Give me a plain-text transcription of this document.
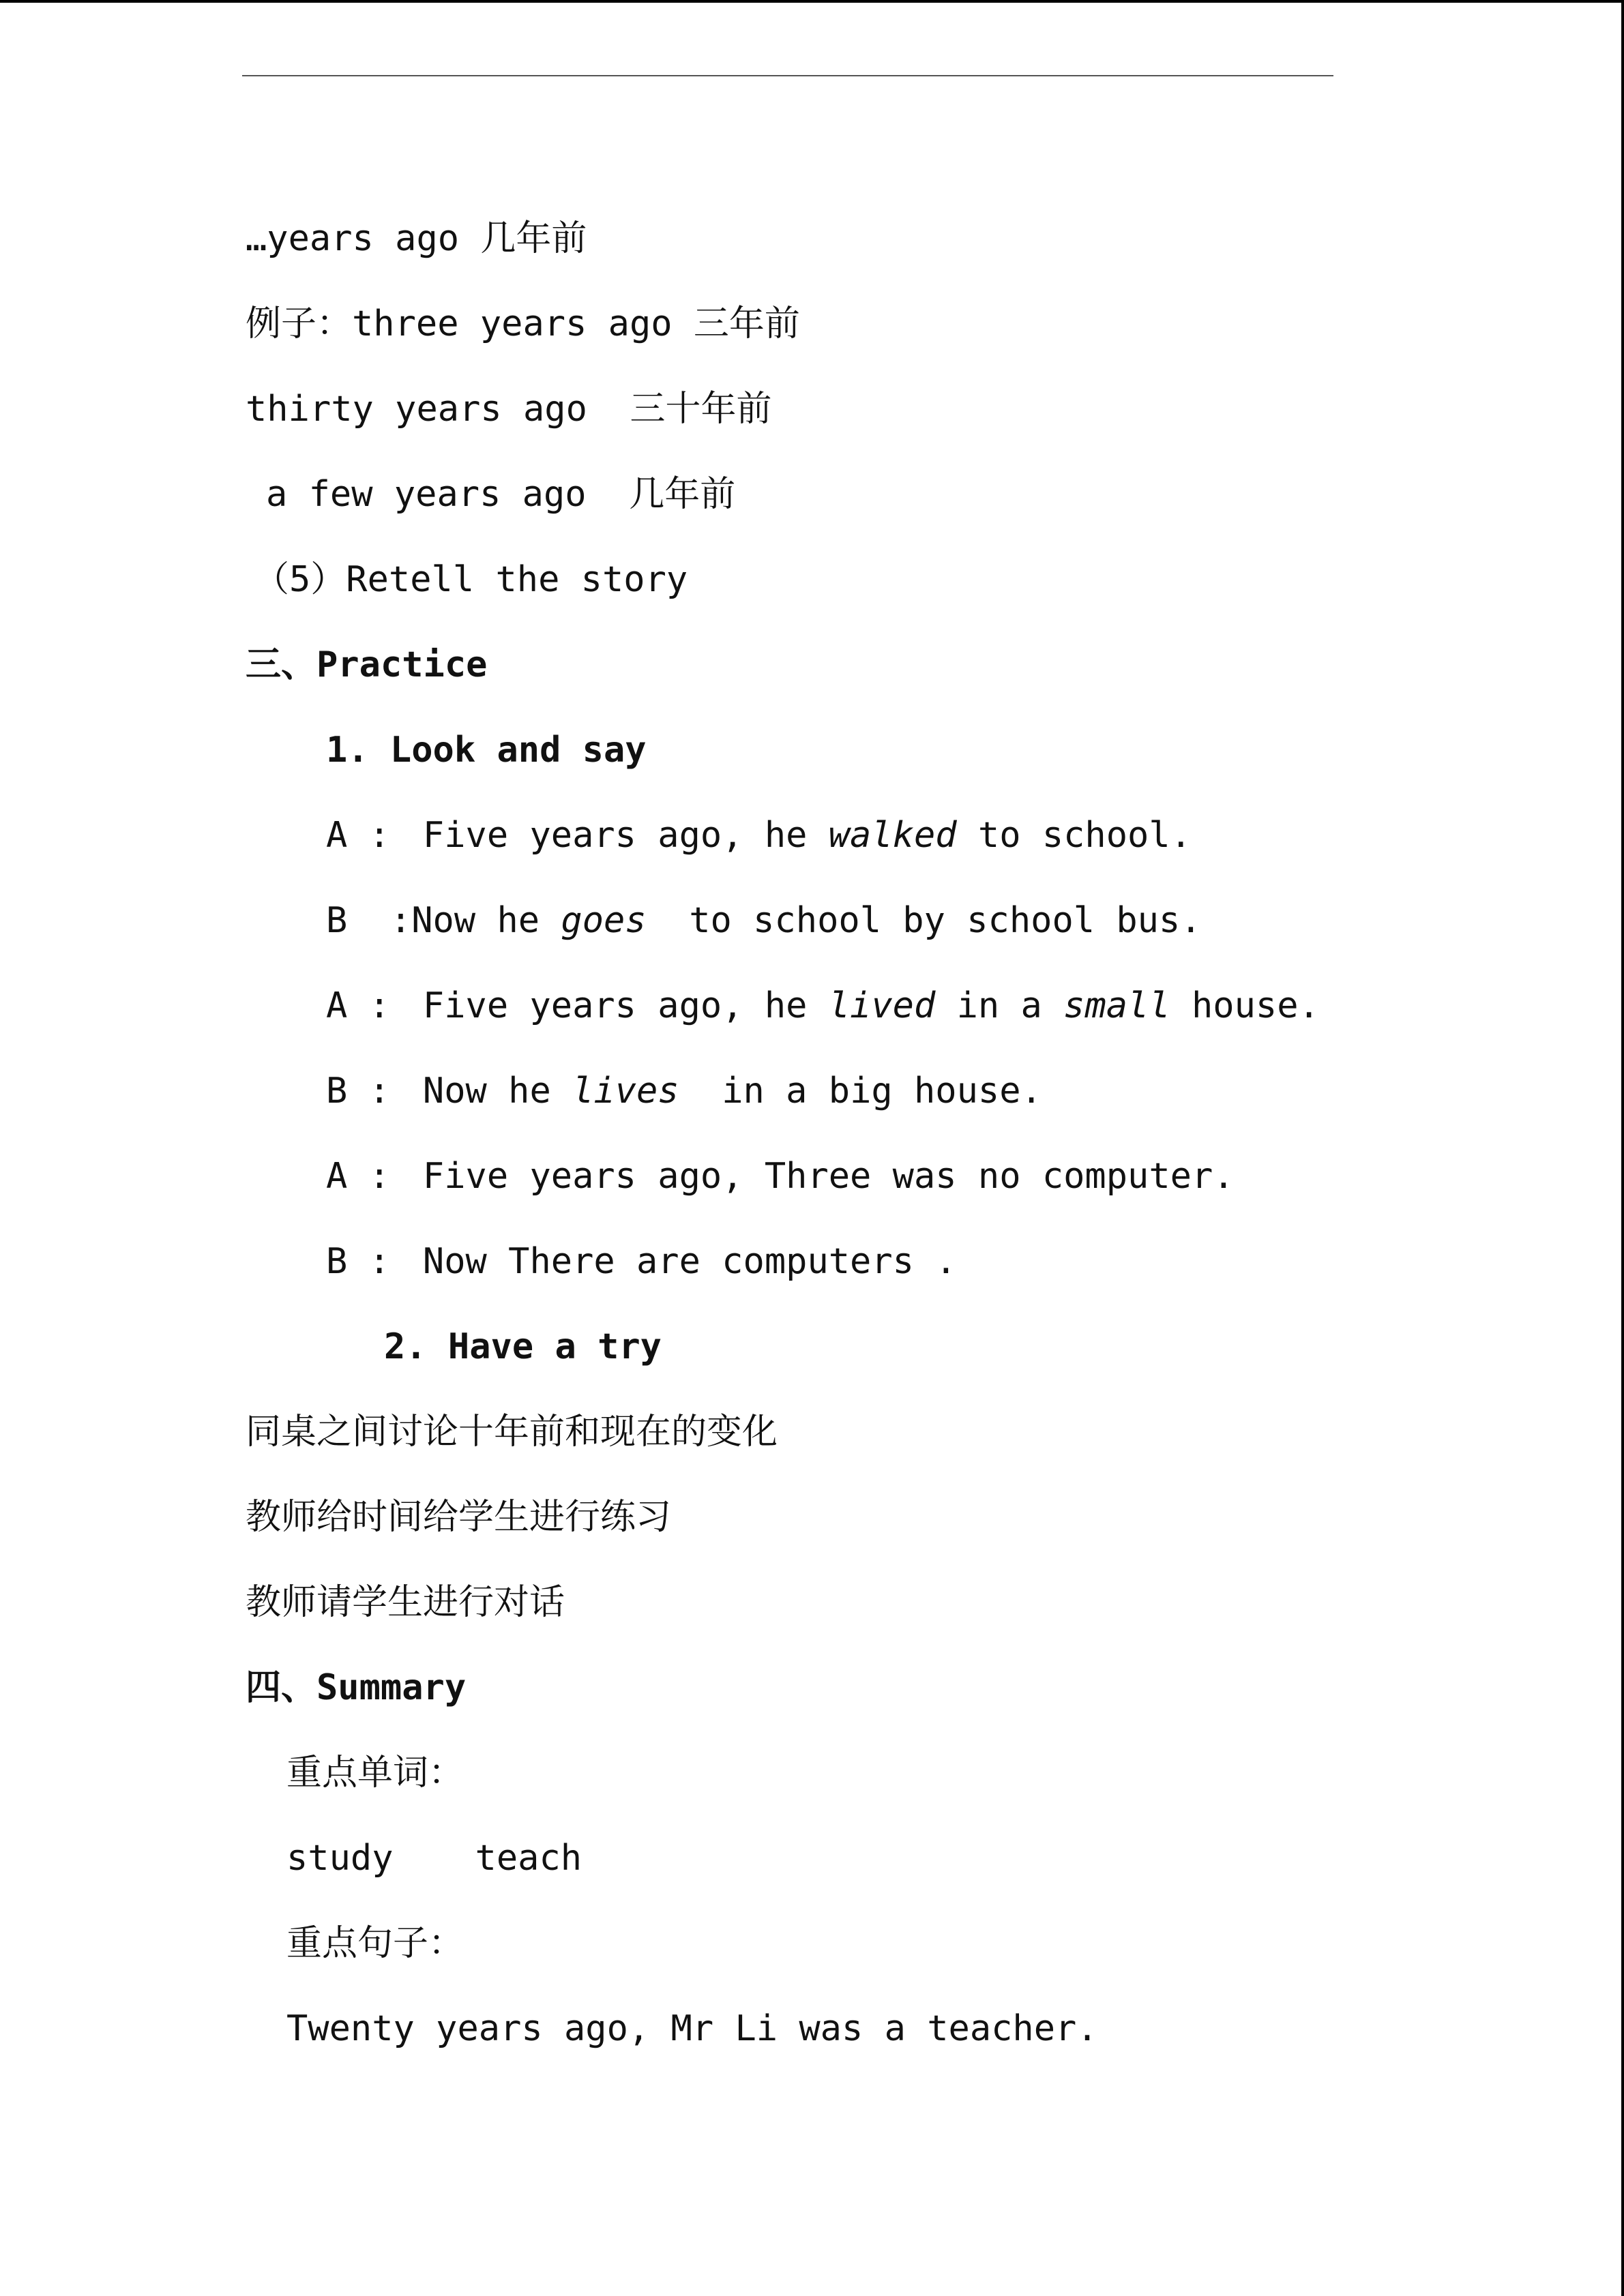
…years ago 几年前
例子：three years ago 三年前
thirty years ago  三十年前
a few years ago  几年前
（5）Retell the story
三、Practice
1. Look and say
A : Five years ago, he walked to school.
B  :Now he goes  to school by school bus.
A : Five years ago, he lived in a small house.
B : Now he lives  in a big house.
A : Five years ago, Three was no computer.
B : Now There are computers .
2. Have a try
同桌之间讨论十年前和现在的变化
教师给时间给学生进行练习
教师请学生进行对话
四、Summary
重点单词：
study teach
重点句子：
Twenty years ago, Mr Li was a teacher.
